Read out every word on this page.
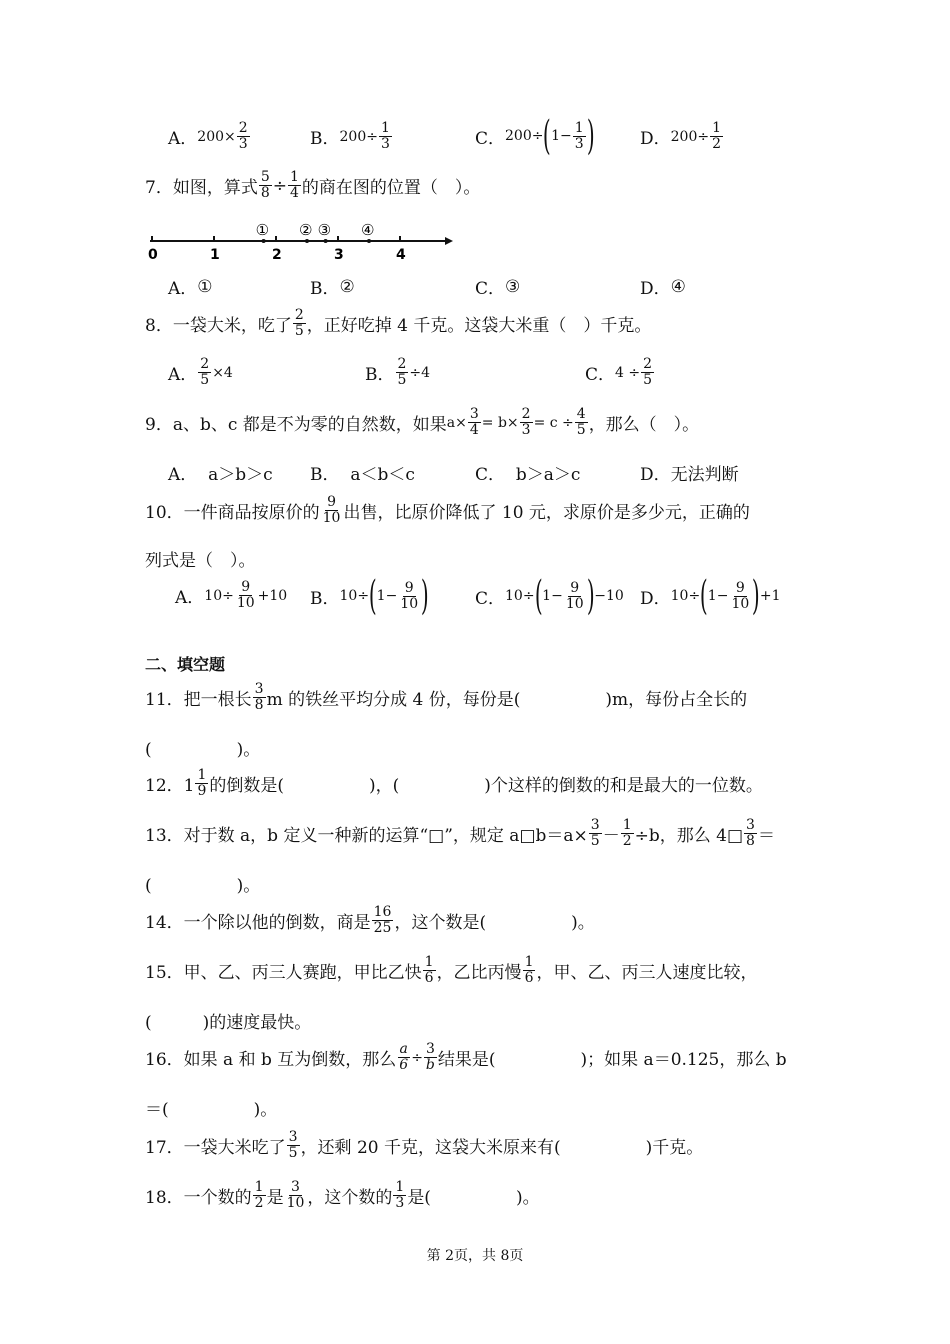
A． $200\times \frac{2}{3}$	B． $200\div \frac{1}{3}$	C． 200÷ ( $1- \frac{1}{3}$ )	D． $200\div \frac{1}{2}$
7．如图，算式 $\frac{5}{8} \div \frac{1}{4}$ 的商在图的位置（　）。
0	1	2	3	4
① ② ③ ④
A． ①	B． ②	C． ③	D． ④
8．一袋大米，吃了 $\frac{2}{5}$ ，正好吃掉 4 千克。这袋大米重（　）千克。
A． $\frac{2}{5} \times 4$	B． $\frac{2}{5} \div 4$	C． $4 \div \frac{2}{5}$
9．a、b、c 都是不为零的自然数，如果 $a\times \frac{3}{4} = b\times \frac{2}{3} = c \div \frac{4}{5}$ ，那么（　）。
A．
a＞b＞c B．
a＜b＜c	C．
b＞a＞c	D． 无法判断
10．一件商品按原价的 $\frac{9}{10}$ 出售，比原价降低了 10 元，求原价是多少元，正确的
列式是（　）。
A． $10\div \frac{9}{10} +10$ B． 10÷ ( $1- \frac{9}{10}$ )	C． 10÷ ( $1- \frac{9}{10}$ ) −10 D． 10÷ ( $1- \frac{9}{10}$ ) +1
二、填空题
11．把一根长 $\frac{3}{8}$ m 的铁丝平均分成 4 份，每份是(　　　　　)m，每份占全长的
(　　　　　)。
12．$1 \frac{1}{9}$ 的倒数是(　　　　　)，(　　　　　)个这样的倒数的和是最大的一位数。
13．对于数 a，b 定义一种新的运算“□”，规定 a□b＝a× $\frac{3}{5} - \frac{1}{2} \div b$，那么 4□ $\frac{3}{8}$ ＝
(　　　　　)。
14．一个除以他的倒数，商是 $\frac{16}{25}$ ，这个数是(　　　　　)。
15．甲、乙、丙三人赛跑，甲比乙快 $\frac{1}{6}$ ，乙比丙慢 $\frac{1}{6}$ ，甲、乙、丙三人速度比较，
(　　　)的速度最快。
16．如果 a 和 b 互为倒数，那么 $\frac{a}{6} \div \frac{3}{b}$ 结果是(　　　　　)；如果 a＝0.125，那么 b
＝(　　　　　)。
17．一袋大米吃了 $\frac{3}{5}$ ，还剩 20 千克，这袋大米原来有(　　　　　)千克。
18．一个数的 $\frac{1}{2}$ 是 $\frac{3}{10}$ ，这个数的 $\frac{1}{3}$ 是(　　　　　)。
第 2页，共 8页
